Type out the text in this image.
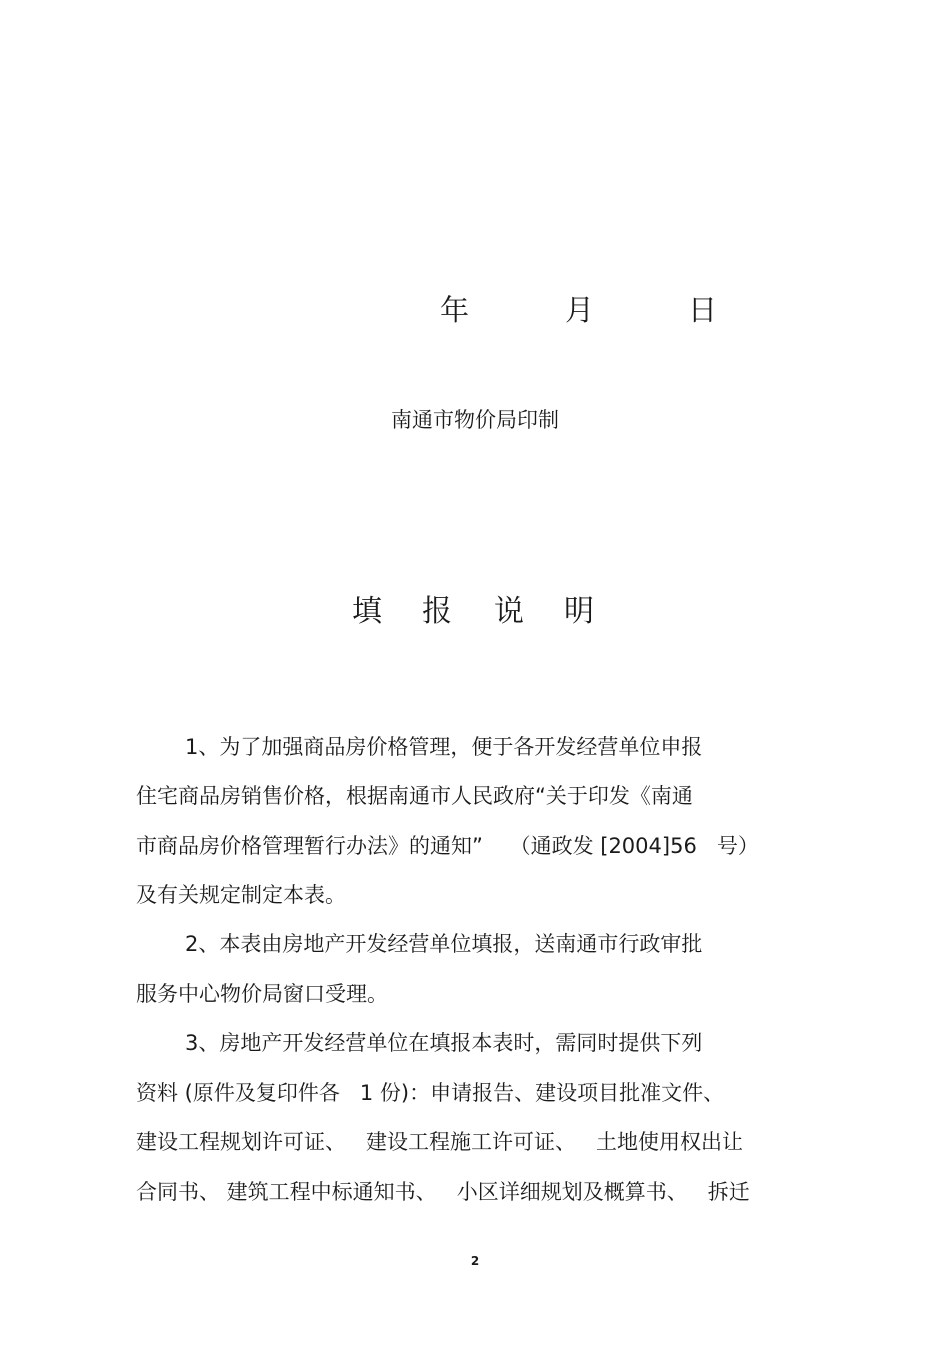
年	月	日
南通市物价局印制
填 报 说 明
1、为了加强商品房价格管理，便于各开发经营单位申报
住宅商品房销售价格，根据南通市人民政府“关于印发《南通
市商品房价格管理暂行办法》的通知”    （通政发 [2004]56   号）
及有关规定制定本表。
2、本表由房地产开发经营单位填报，送南通市行政审批
服务中心物价局窗口受理。
3、房地产开发经营单位在填报本表时，需同时提供下列
资料 (原件及复印件各   1 份)：申请报告、建设项目批准文件、
建设工程规划许可证、   建设工程施工许可证、   土地使用权出让
合同书、 建筑工程中标通知书、   小区详细规划及概算书、   拆迁
2
